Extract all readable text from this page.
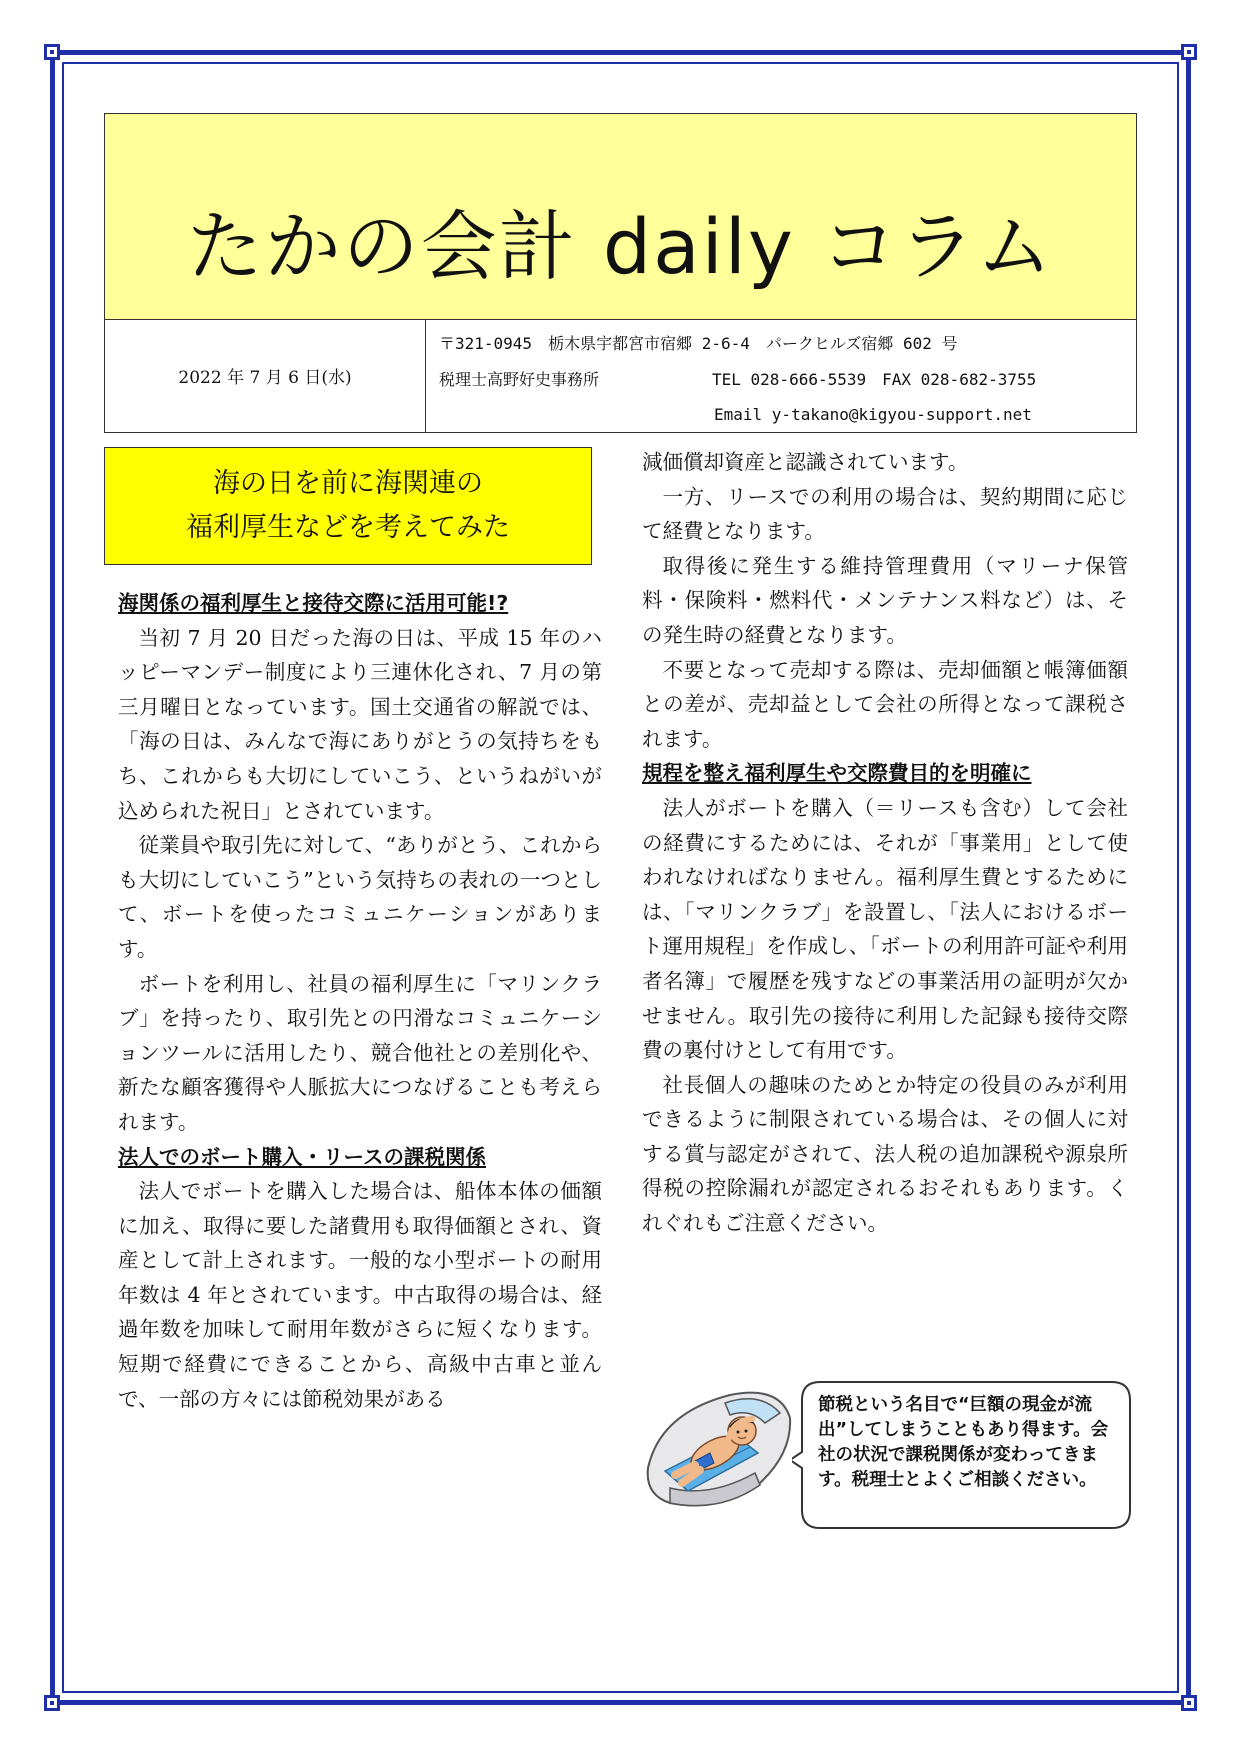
たかの会計 daily コラム
2022 年 7 月 6 日(水)
〒321-0945　栃木県宇都宮市宿郷 2-6-4　パークヒルズ宿郷 602 号
税理士高野好史事務所	TEL 028-666-5539　FAX 028-682-3755
Email y-takano@kigyou-support.net
海の日を前に海関連の
福利厚生などを考えてみた
海関係の福利厚生と接待交際に活用可能!?

当初 7 月 20 日だった海の日は、平成 15 年のハッピーマンデー制度により三連休化され、7 月の第三月曜日となっています。国土交通省の解説では、「海の日は、みんなで海にありがとうの気持ちをもち、これからも大切にしていこう、というねがいが込められた祝日」とされています。

従業員や取引先に対して、“ありがとう、これからも大切にしていこう”という気持ちの表れの一つとして、ボートを使ったコミュニケーションがあります。

ボートを利用し、社員の福利厚生に「マリンクラブ」を持ったり、取引先との円滑なコミュニケーションツールに活用したり、競合他社との差別化や、新たな顧客獲得や人脈拡大につなげることも考えられます。

法人でのボート購入・リースの課税関係

法人でボートを購入した場合は、船体本体の価額に加え、取得に要した諸費用も取得価額とされ、資産として計上されます。一般的な小型ボートの耐用年数は 4 年とされています。中古取得の場合は、経過年数を加味して耐用年数がさらに短くなります。短期で経費にできることから、高級中古車と並んで、一部の方々には節税効果がある

減価償却資産と認識されています。

一方、リースでの利用の場合は、契約期間に応じて経費となります。

取得後に発生する維持管理費用（マリーナ保管料・保険料・燃料代・メンテナンス料など）は、その発生時の経費となります。

不要となって売却する際は、売却価額と帳簿価額との差が、売却益として会社の所得となって課税されます。

規程を整え福利厚生や交際費目的を明確に

法人がボートを購入（＝リースも含む）して会社の経費にするためには、それが「事業用」として使われなければなりません。福利厚生費とするためには、「マリンクラブ」を設置し、「法人におけるボート運用規程」を作成し、「ボートの利用許可証や利用者名簿」で履歴を残すなどの事業活用の証明が欠かせません。取引先の接待に利用した記録も接待交際費の裏付けとして有用です。

社長個人の趣味のためとか特定の役員のみが利用できるように制限されている場合は、その個人に対する賞与認定がされて、法人税の追加課税や源泉所得税の控除漏れが認定されるおそれもあります。くれぐれもご注意ください。

節税という名目で“巨額の現金が流出”してしまうこともあり得ます。会社の状況で課税関係が変わってきます。税理士とよくご相談ください。
